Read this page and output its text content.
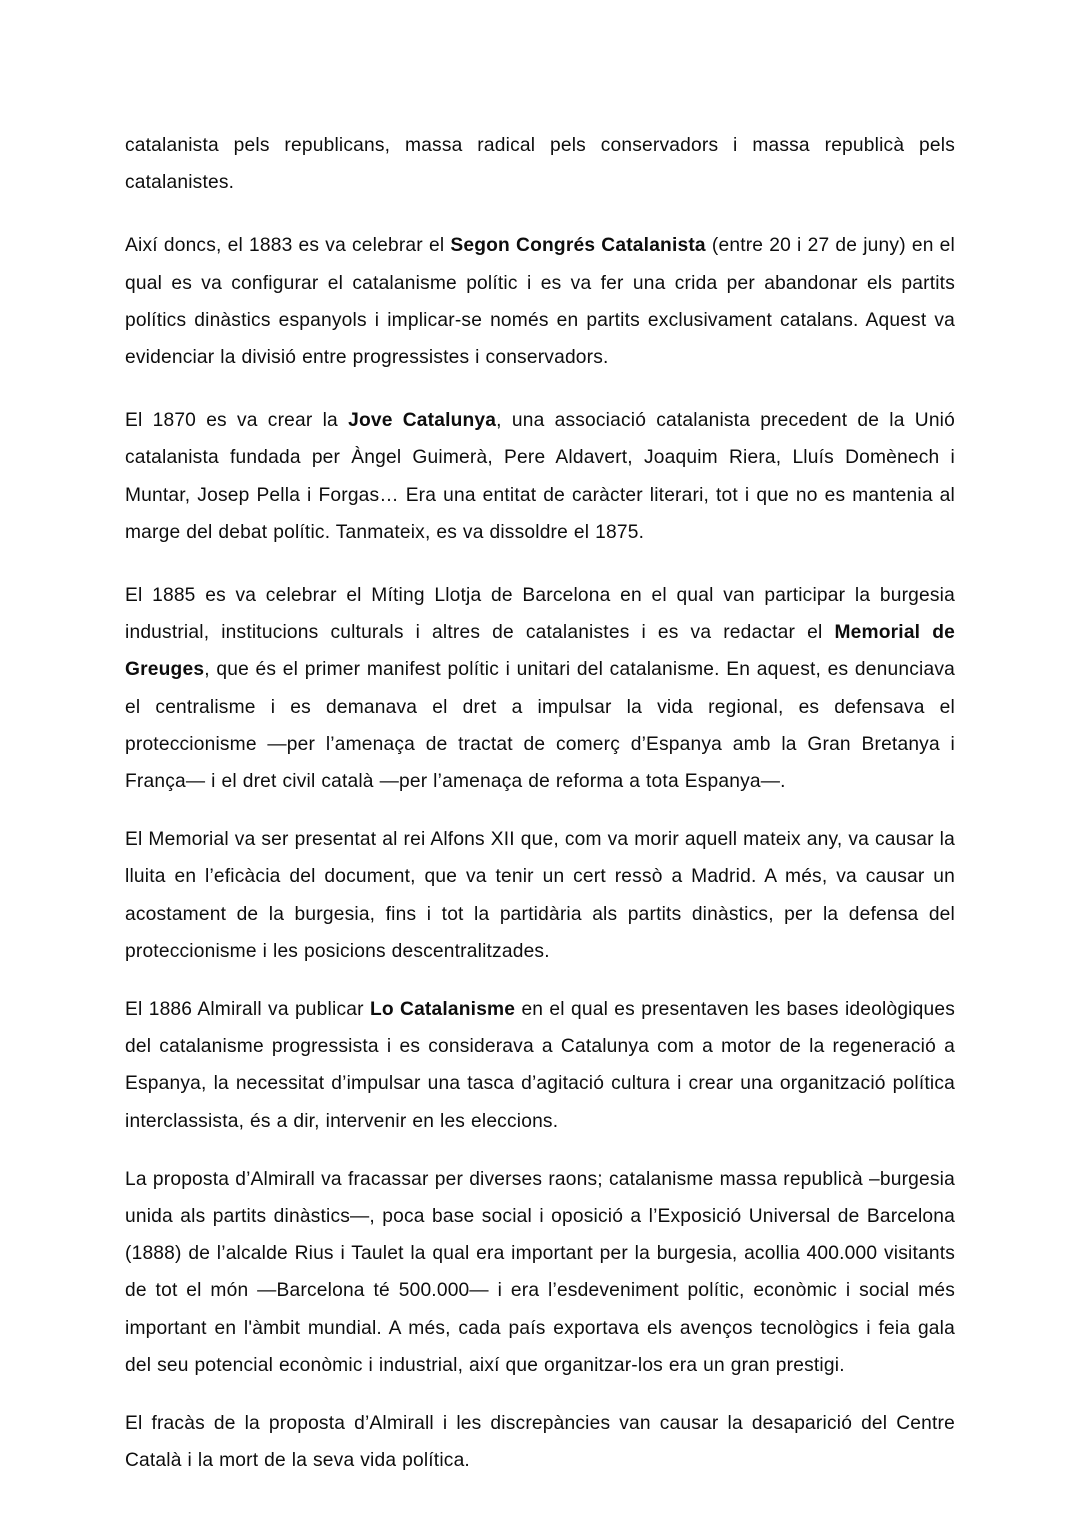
catalanista pels republicans, massa radical pels conservadors i massa republicà pels catalanistes.

Així doncs, el 1883 es va celebrar el Segon Congrés Catalanista (entre 20 i 27 de juny) en el qual es va configurar el catalanisme polític i es va fer una crida per abandonar els partits polítics dinàstics espanyols i implicar-se només en partits exclusivament catalans. Aquest va evidenciar la divisió entre progressistes i conservadors.

El 1870 es va crear la Jove Catalunya, una associació catalanista precedent de la Unió catalanista fundada per Àngel Guimerà, Pere Aldavert, Joaquim Riera, Lluís Domènech i Muntar, Josep Pella i Forgas… Era una entitat de caràcter literari, tot i que no es mantenia al marge del debat polític. Tanmateix, es va dissoldre el 1875.

El 1885 es va celebrar el Míting Llotja de Barcelona en el qual van participar la burgesia industrial, institucions culturals i altres de catalanistes i es va redactar el Memorial de Greuges, que és el primer manifest polític i unitari del catalanisme. En aquest, es denunciava el centralisme i es demanava el dret a impulsar la vida regional, es defensava el proteccionisme —per l’amenaça de tractat de comerç d’Espanya amb la Gran Bretanya i França— i el dret civil català —per l’amenaça de reforma a tota Espanya—.

El Memorial va ser presentat al rei Alfons XII que, com va morir aquell mateix any, va causar la lluita en l’eficàcia del document, que va tenir un cert ressò a Madrid. A més, va causar un acostament de la burgesia, fins i tot la partidària als partits dinàstics, per la defensa del proteccionisme i les posicions descentralitzades.

El 1886 Almirall va publicar Lo Catalanisme en el qual es presentaven les bases ideològiques del catalanisme progressista i es considerava a Catalunya com a motor de la regeneració a Espanya, la necessitat d’impulsar una tasca d’agitació cultura i crear una organització política interclassista, és a dir, intervenir en les eleccions.

La proposta d’Almirall va fracassar per diverses raons; catalanisme massa republicà –burgesia unida als partits dinàstics—, poca base social i oposició a l’Exposició Universal de Barcelona (1888) de l’alcalde Rius i Taulet la qual era important per la burgesia, acollia 400.000 visitants de tot el món —Barcelona té 500.000— i era l’esdeveniment polític, econòmic i social més important en l'àmbit mundial. A més, cada país exportava els avenços tecnològics i feia gala del seu potencial econòmic i industrial, així que organitzar-los era un gran prestigi.

El fracàs de la proposta d’Almirall i les discrepàncies van causar la desaparició del Centre Català i la mort de la seva vida política.
